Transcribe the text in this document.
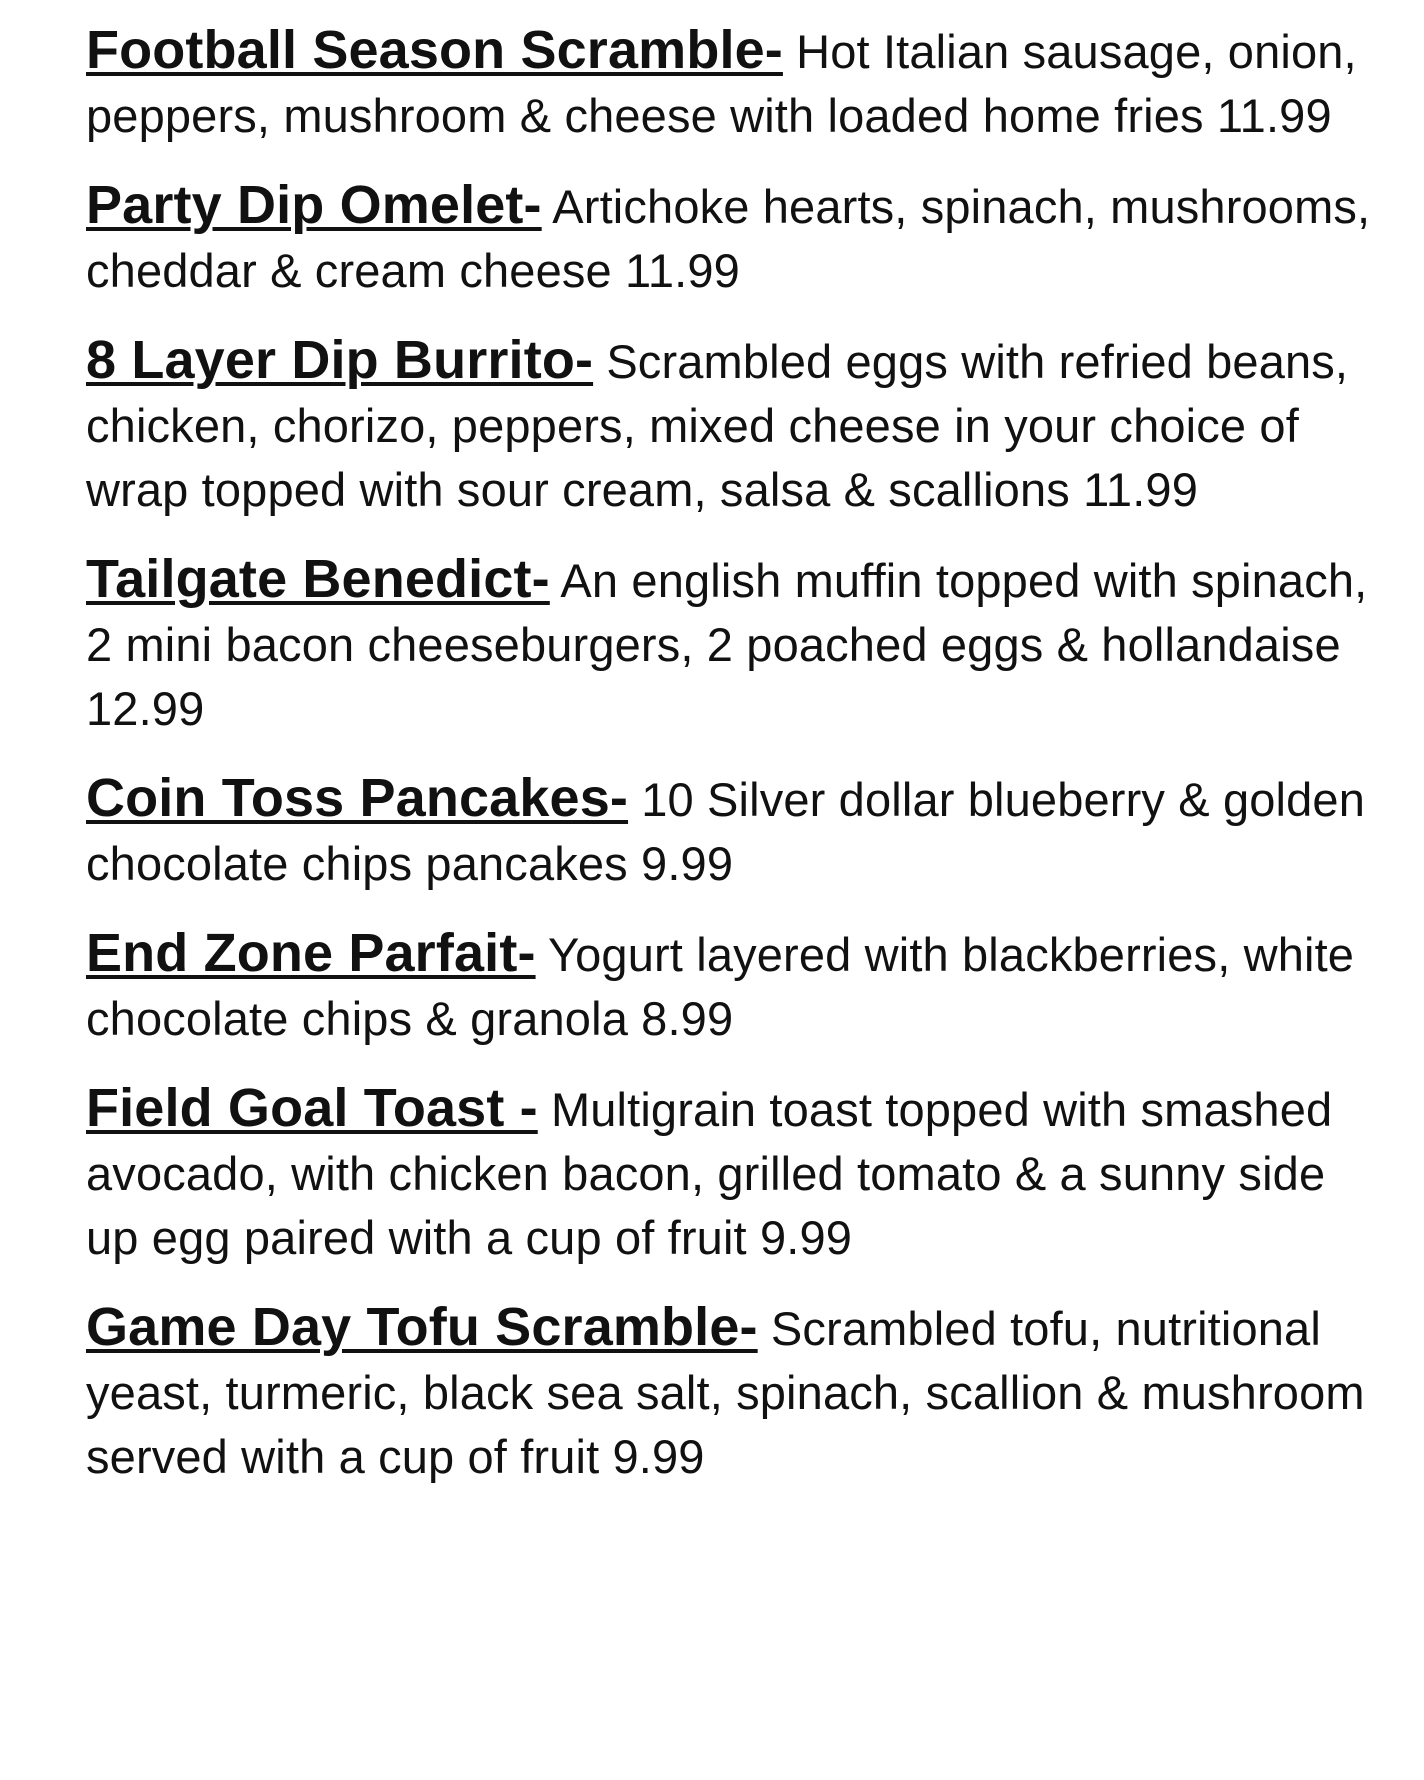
Football Season Scramble- Hot Italian sausage, onion, peppers, mushroom & cheese with loaded home fries 11.99

Party Dip Omelet- Artichoke hearts, spinach, mushrooms, cheddar & cream cheese 11.99

8 Layer Dip Burrito- Scrambled eggs with refried beans, chicken, chorizo, peppers, mixed cheese in your choice of wrap topped with sour cream, salsa & scallions 11.99

Tailgate Benedict- An english muffin topped with spinach, 2 mini bacon cheeseburgers, 2 poached eggs & hollandaise 12.99

Coin Toss Pancakes- 10 Silver dollar blueberry & golden chocolate chips pancakes 9.99

End Zone Parfait- Yogurt layered with blackberries, white chocolate chips & granola 8.99

Field Goal Toast - Multigrain toast topped with smashed avocado, with chicken bacon, grilled tomato & a sunny side up egg paired with a cup of fruit 9.99

Game Day Tofu Scramble- Scrambled tofu, nutritional yeast, turmeric, black sea salt, spinach, scallion & mushroom served with a cup of fruit 9.99
